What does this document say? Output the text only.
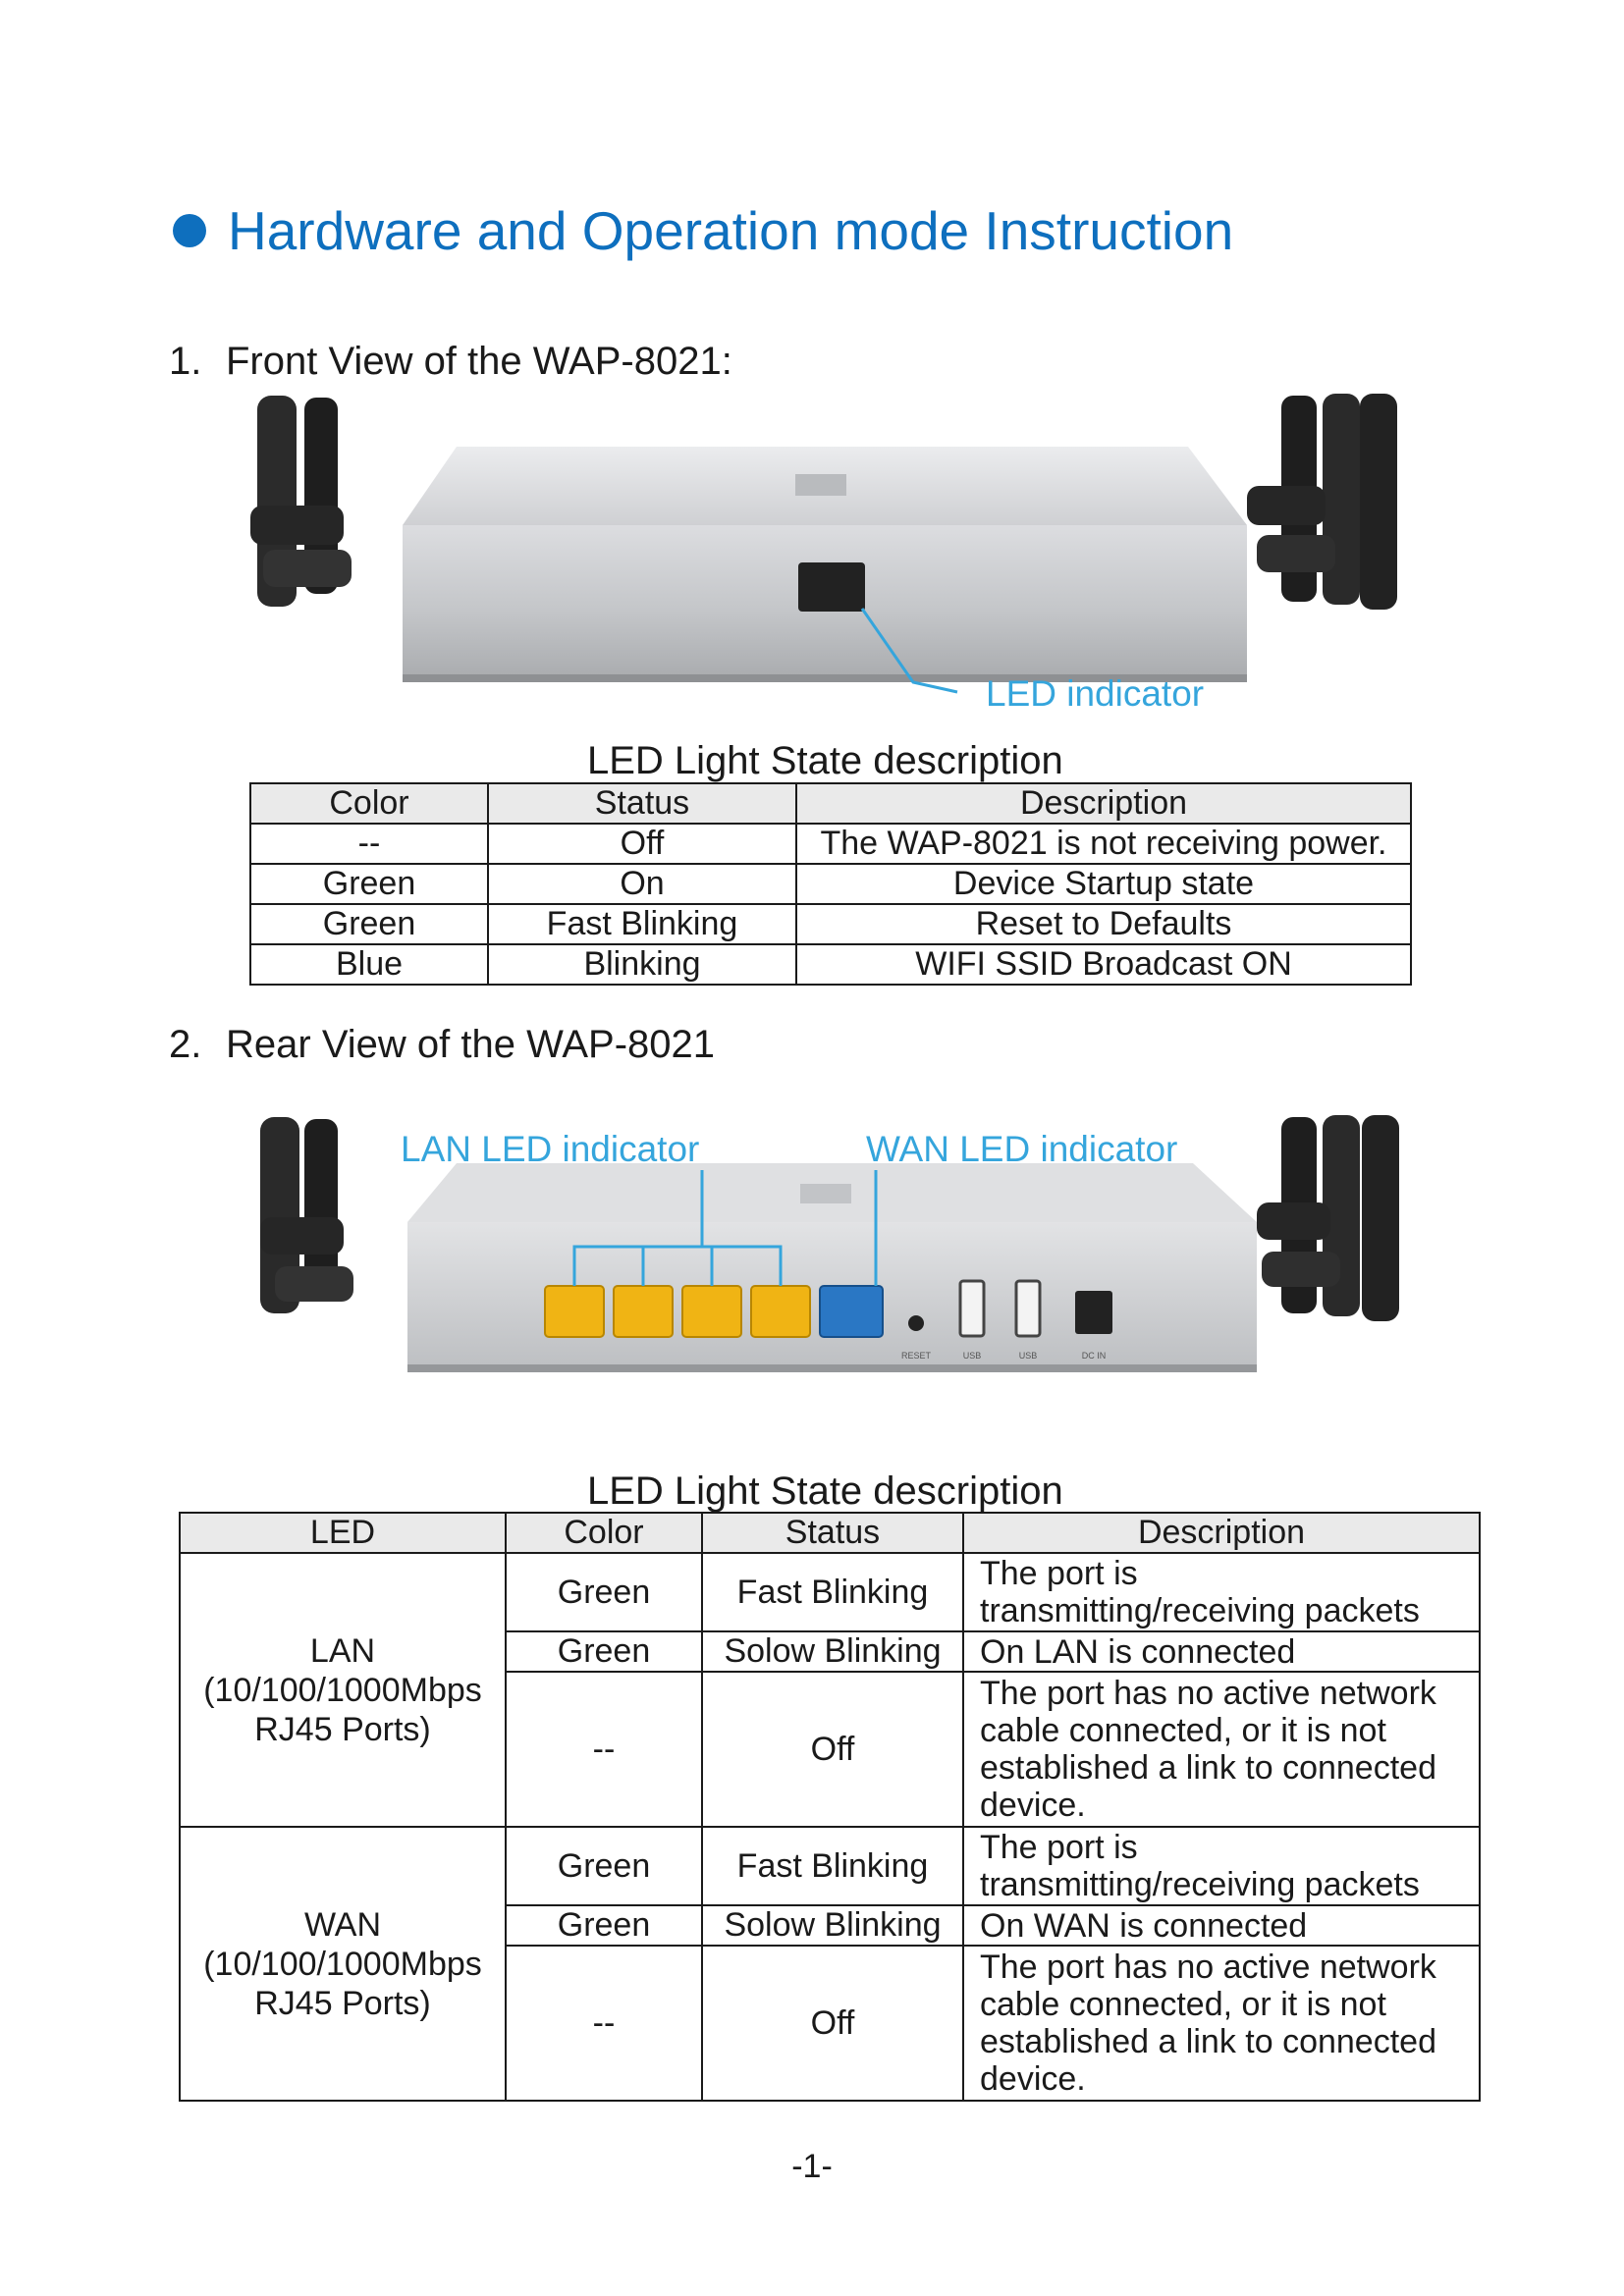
Hardware and Operation mode Instruction
1. Front View of the WAP-8021:
LED indicator
LED Light State description
Color	Status	Description
--	Off	The WAP-8021 is not receiving power.
Green	On	Device Startup state
Green	Fast Blinking	Reset to Defaults
Blue	Blinking	WIFI SSID Broadcast ON
2. Rear View of the WAP-8021
RESET	USB	USB	DC IN
LAN LED indicator	WAN LED indicator
LED Light State description
LED	Color	Status	Description
LAN
(10/100/1000Mbps
RJ45 Ports)	Green	Fast Blinking	The port is
transmitting/receiving packets
	Green	Solow Blinking	On LAN is connected
	--	Off	The port has no active network
cable connected, or it is not
established a link to connected
device.
WAN
(10/100/1000Mbps
RJ45 Ports)	Green	Fast Blinking	The port is
transmitting/receiving packets
	Green	Solow Blinking	On WAN is connected
	--	Off	The port has no active network
cable connected, or it is not
established a link to connected
device.
-1-
